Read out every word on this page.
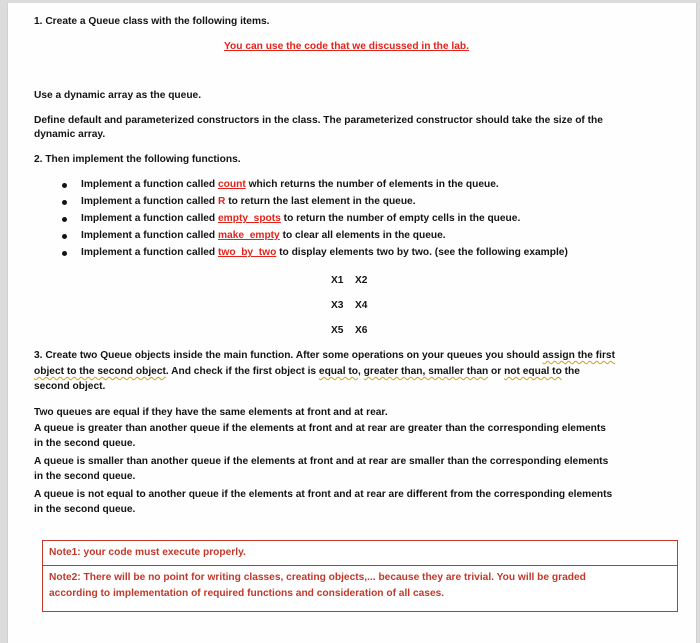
1. Create a Queue class with the following items.

You can use the code that we discussed in the lab.

Use a dynamic array as the queue.

Define default and parameterized constructors in the class. The parameterized constructor should take the size of the

dynamic array.

2. Then implement the following functions.

Implement a function called count which returns the number of elements in the queue.

Implement a function called R to return the last element in the queue.

Implement a function called empty_spots to return the number of empty cells in the queue.

Implement a function called make_empty to clear all elements in the queue.

Implement a function called two_by_two to display elements two by two. (see the following example)

X1 X2

X3 X4

X5 X6

3. Create two Queue objects inside the main function. After some operations on your queues you should assign the first

object to the second object. And check if the first object is equal to, greater than, smaller than or not equal to the

second object.

Two queues are equal if they have the same elements at front and at rear.

A queue is greater than another queue if the elements at front and at rear are greater than the corresponding elements

in the second queue.

A queue is smaller than another queue if the elements at front and at rear are smaller than the corresponding elements

in the second queue.

A queue is not equal to another queue if the elements at front and at rear are different from the corresponding elements

in the second queue.

Note1: your code must execute properly.

Note2: There will be no point for writing classes, creating objects,... because they are trivial. You will be graded

according to implementation of required functions and consideration of all cases.
